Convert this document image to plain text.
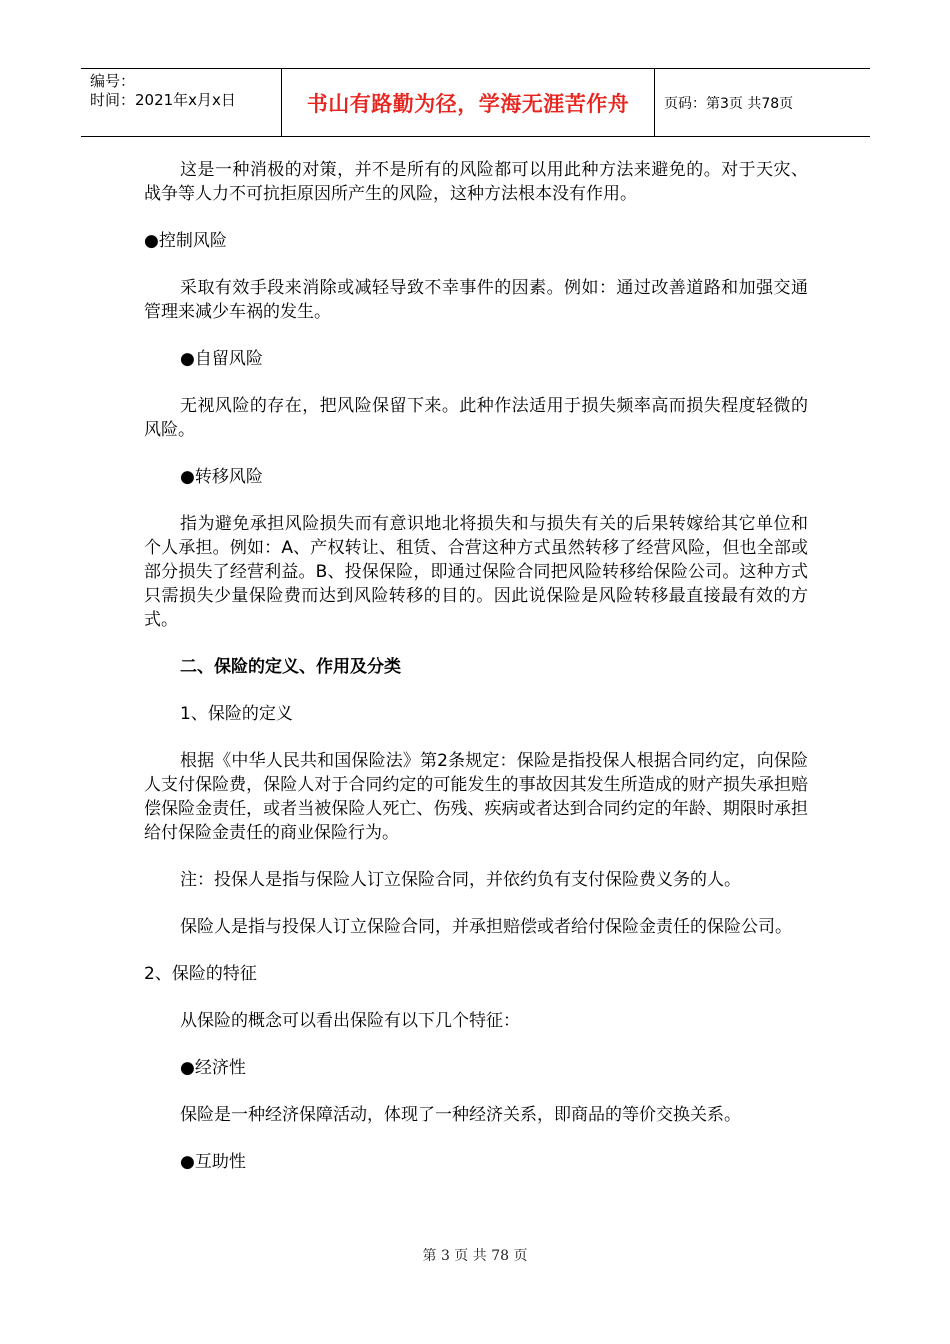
编号：
时间：2021年x月x日	书山有路勤为径，学海无涯苦作舟 页码：第3页 共78页

这是一种消极的对策，并不是所有的风险都可以用此种方法来避免的。对于天灾、战争等人力不可抗拒原因所产生的风险，这种方法根本没有作用。

●控制风险

采取有效手段来消除或减轻导致不幸事件的因素。例如：通过改善道路和加强交通管理来减少车祸的发生。

●自留风险

无视风险的存在，把风险保留下来。此种作法适用于损失频率高而损失程度轻微的风险。

●转移风险

指为避免承担风险损失而有意识地北将损失和与损失有关的后果转嫁给其它单位和个人承担。例如：A、产权转让、租赁、合营这种方式虽然转移了经营风险，但也全部或部分损失了经营利益。B、投保保险，即通过保险合同把风险转移给保险公司。这种方式只需损失少量保险费而达到风险转移的目的。因此说保险是风险转移最直接最有效的方式。

二、保险的定义、作用及分类

1、保险的定义

根据《中华人民共和国保险法》第2条规定：保险是指投保人根据合同约定，向保险人支付保险费，保险人对于合同约定的可能发生的事故因其发生所造成的财产损失承担赔偿保险金责任，或者当被保险人死亡、伤残、疾病或者达到合同约定的年龄、期限时承担给付保险金责任的商业保险行为。

注：投保人是指与保险人订立保险合同，并依约负有支付保险费义务的人。

保险人是指与投保人订立保险合同，并承担赔偿或者给付保险金责任的保险公司。

2、保险的特征

从保险的概念可以看出保险有以下几个特征：

●经济性

保险是一种经济保障活动，体现了一种经济关系，即商品的等价交换关系。

●互助性

第 3 页 共 78 页
